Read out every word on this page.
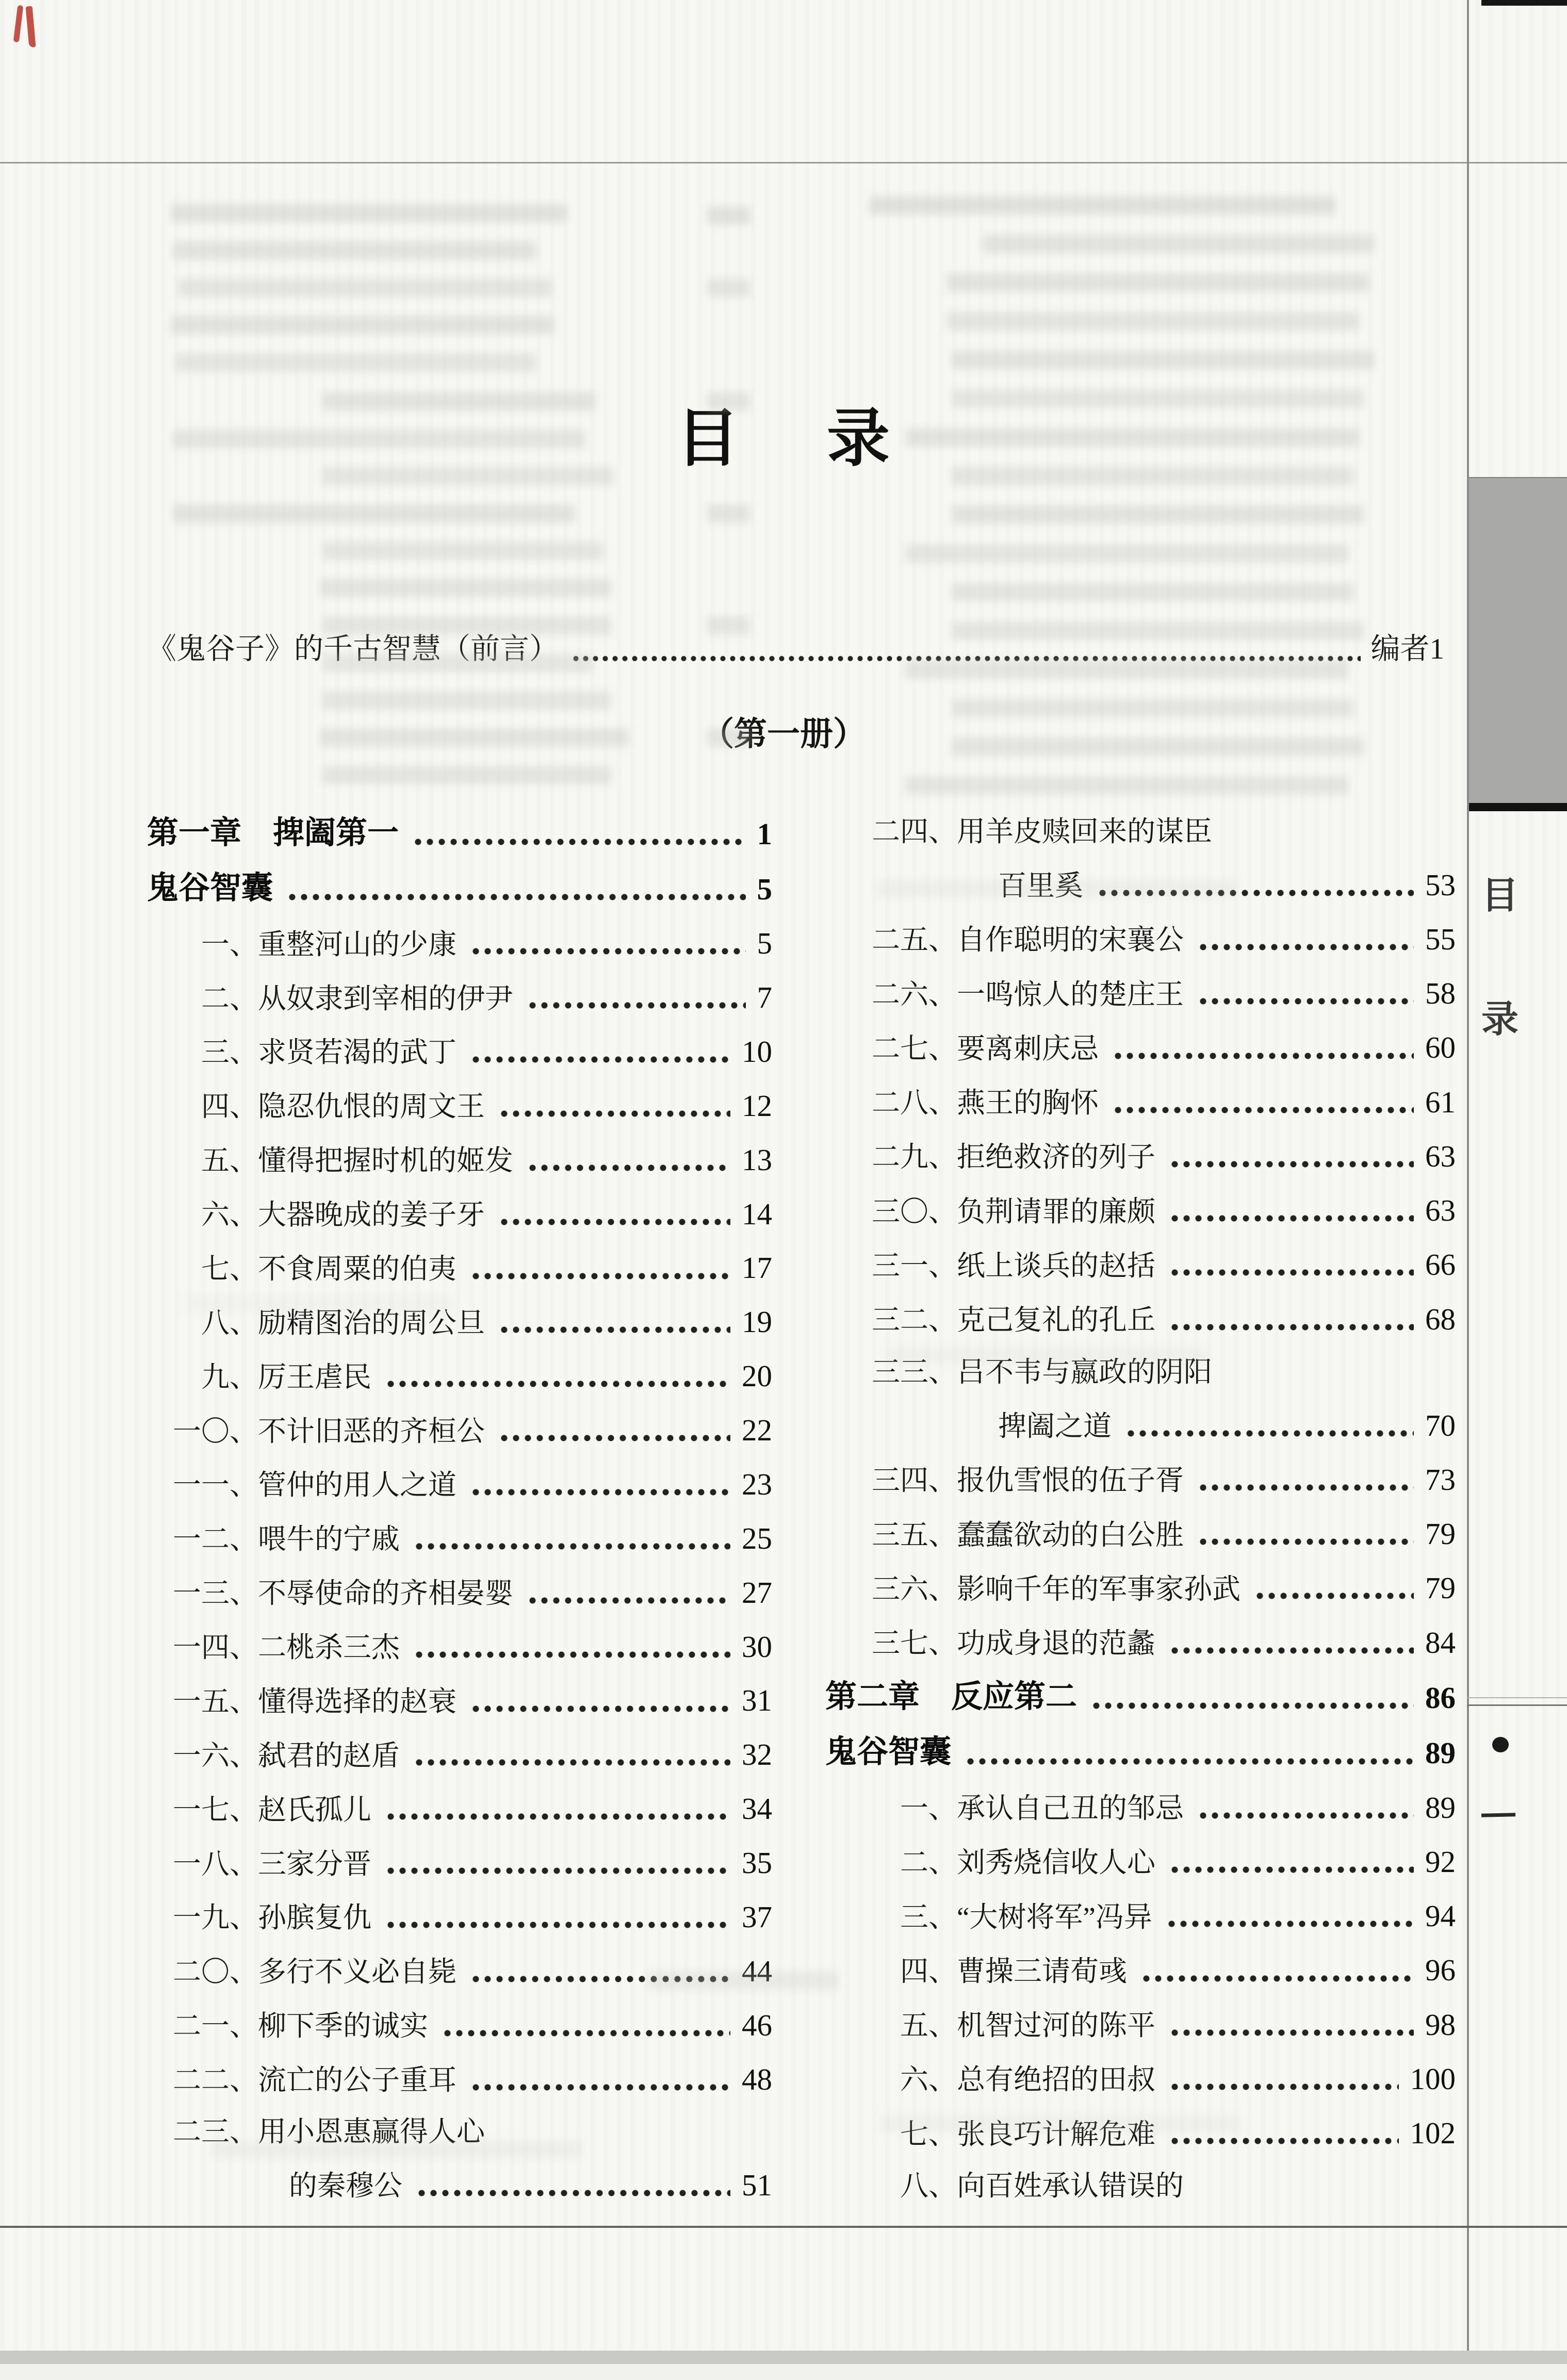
目
录
目 录
《鬼谷子》的千古智慧（前言）	编者1
（第一册）
第一章　捭阖第一	1
鬼谷智囊	5
一、 重整河山的少康	5
二、 从奴隶到宰相的伊尹	7
三、 求贤若渴的武丁	10
四、 隐忍仇恨的周文王	12
五、 懂得把握时机的姬发	13
六、 大器晚成的姜子牙	14
七、 不食周粟的伯夷	17
八、 励精图治的周公旦	19
九、 厉王虐民	20
一〇、 不计旧恶的齐桓公	22
一一、 管仲的用人之道	23
一二、 喂牛的宁戚	25
一三、 不辱使命的齐相晏婴	27
一四、 二桃杀三杰	30
一五、 懂得选择的赵衰	31
一六、 弑君的赵盾	32
一七、 赵氏孤儿	34
一八、 三家分晋	35
一九、 孙膑复仇	37
二〇、 多行不义必自毙	44
二一、 柳下季的诚实	46
二二、 流亡的公子重耳	48
二三、 用小恩惠赢得人心
的秦穆公	51
二四、 用羊皮赎回来的谋臣
百里奚	53
二五、 自作聪明的宋襄公	55
二六、 一鸣惊人的楚庄王	58
二七、 要离刺庆忌	60
二八、 燕王的胸怀	61
二九、 拒绝救济的列子	63
三〇、 负荆请罪的廉颇	63
三一、 纸上谈兵的赵括	66
三二、 克己复礼的孔丘	68
三三、 吕不韦与嬴政的阴阳
捭阖之道	70
三四、 报仇雪恨的伍子胥	73
三五、 蠢蠢欲动的白公胜	79
三六、 影响千年的军事家孙武	79
三七、 功成身退的范蠡	84
第二章　反应第二	86
鬼谷智囊	89
一、 承认自己丑的邹忌	89
二、 刘秀烧信收人心	92
三、 “大树将军”冯异	94
四、 曹操三请荀彧	96
五、 机智过河的陈平	98
六、 总有绝招的田叔	100
七、 张良巧计解危难	102
八、 向百姓承认错误的
